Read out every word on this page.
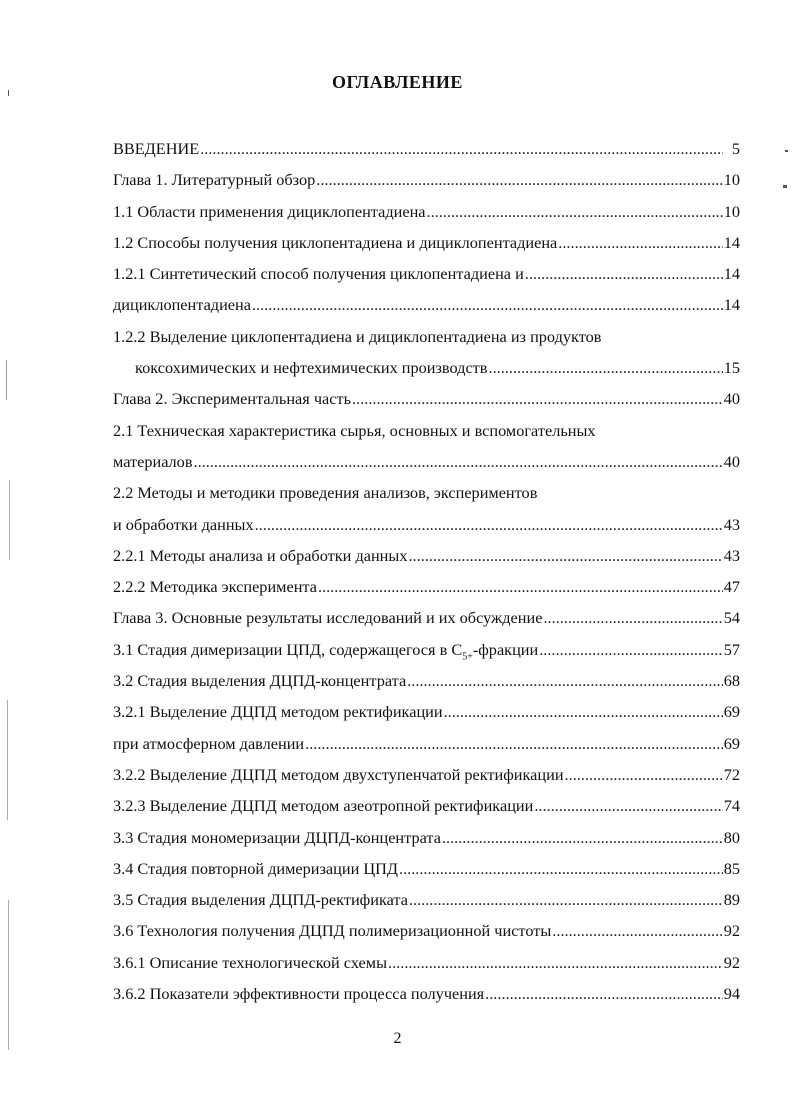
ОГЛАВЛЕНИЕ
ВВЕДЕНИЕ .....	5
Глава 1. Литературный обзор .....	10
1.1 Области применения дициклопентадиена .....	10
1.2 Способы получения циклопентадиена и дициклопентадиена .....	14
1.2.1 Синтетический способ получения циклопентадиена и .....	14
дициклопентадиена .....	14
1.2.2 Выделение циклопентадиена и дициклопентадиена из продуктов
коксохимических и нефтехимических производств .....	15
Глава 2. Экспериментальная часть .....	40
2.1 Техническая характеристика сырья, основных и вспомогательных
материалов .....	40
2.2 Методы и методики проведения анализов, экспериментов
и обработки данных .....	43
2.2.1 Методы анализа и обработки данных .....	43
2.2.2 Методика эксперимента .....	47
Глава 3. Основные результаты исследований и их обсуждение .....	54
3.1 Стадия димеризации ЦПД, содержащегося в $С_{5+}$-фракции .....	57
3.2 Стадия выделения ДЦПД-концентрата .....	68
3.2.1 Выделение ДЦПД методом ректификации .....	69
при атмосферном давлении .....	69
3.2.2 Выделение ДЦПД методом двухступенчатой ректификации .....	72
3.2.3 Выделение ДЦПД методом азеотропной ректификации .....	74
3.3 Стадия мономеризации ДЦПД-концентрата .....	80
3.4 Стадия повторной димеризации ЦПД .....	85
3.5 Стадия выделения ДЦПД-ректификата .....	89
3.6 Технология получения ДЦПД полимеризационной чистоты .....	92
3.6.1 Описание технологической схемы .....	92
3.6.2 Показатели эффективности процесса получения .....	94
2
